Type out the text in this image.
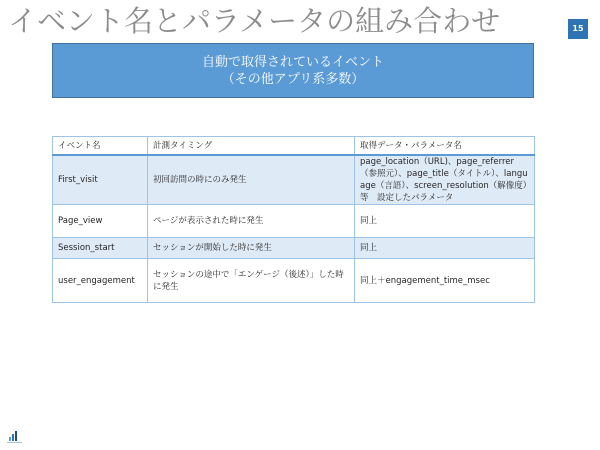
イベント名とパラメータの組み合わせ	15
自動で取得されているイベント
（その他アプリ系多数）
イベント名	計測タイミング	取得データ・パラメータ名
First_visit	初回訪問の時にのみ発生	page_location（URL)、page_referrer（参照元）、page_title（タイトル）、language（言語）、screen_resolution（解像度）等　設定したパラメータ
Page_view	ページが表示された時に発生	同上
Session_start	セッションが開始した時に発生	同上
user_engagement	セッションの途中で「エンゲージ（後述）」した時に発生	同上＋engagement_time_msec
